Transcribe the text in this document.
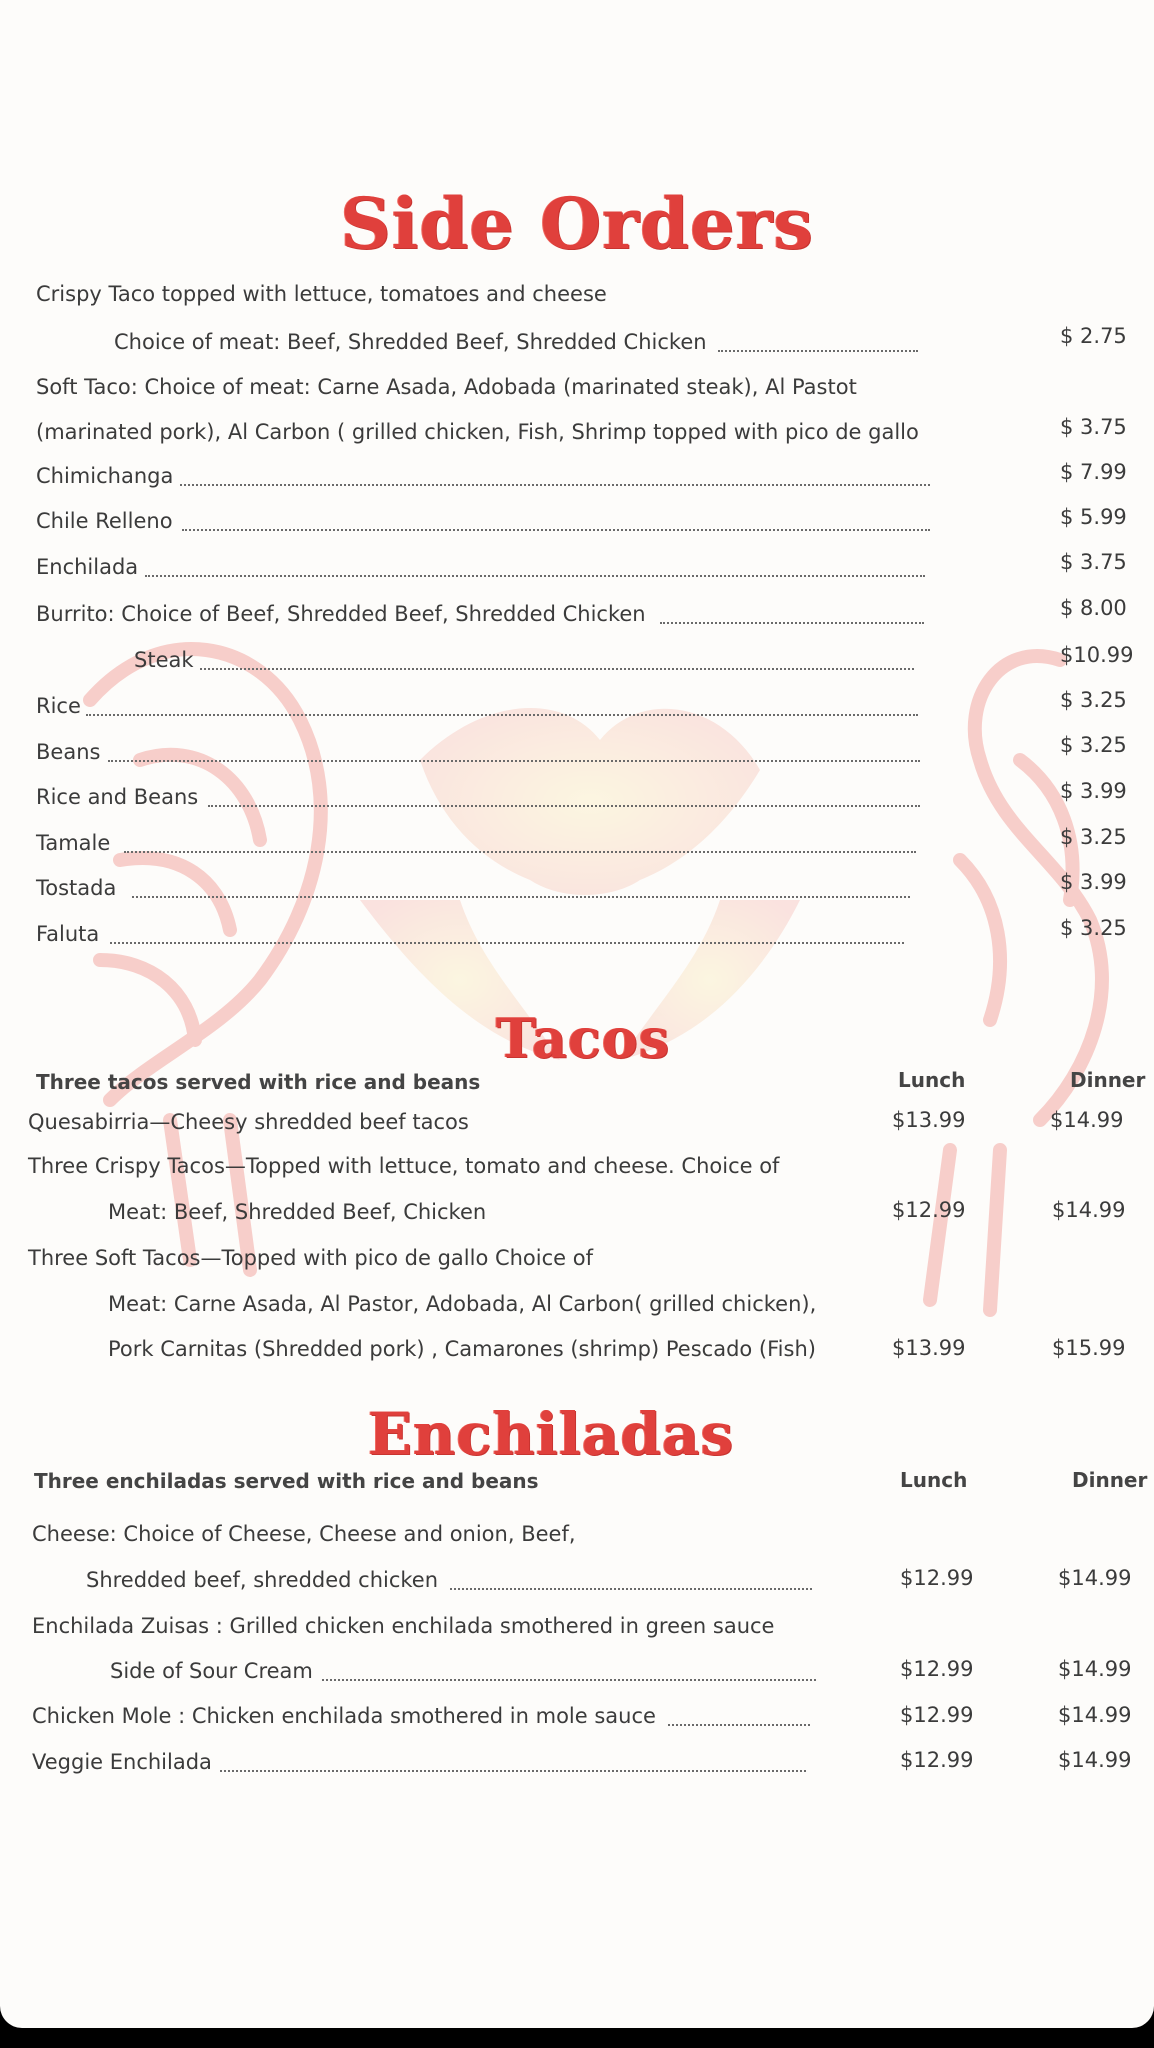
Side Orders
Crispy Taco topped with lettuce, tomatoes and cheese
Choice of meat: Beef, Shredded Beef, Shredded Chicken	$ 2.75
Soft Taco: Choice of meat: Carne Asada, Adobada (marinated steak), Al Pastot
(marinated pork), Al Carbon ( grilled chicken, Fish, Shrimp topped with pico de gallo	$ 3.75
Chimichanga	$ 7.99
Chile Relleno	$ 5.99
Enchilada	$ 3.75
Burrito: Choice of Beef, Shredded Beef, Shredded Chicken	$ 8.00
Steak	$10.99
Rice	$ 3.25
Beans	$ 3.25
Rice and Beans	$ 3.99
Tamale	$ 3.25
Tostada	$ 3.99
Faluta	$ 3.25
Tacos
Three tacos served with rice and beans	Lunch	Dinner
Quesabirria—Cheesy shredded beef tacos	$13.99	$14.99
Three Crispy Tacos—Topped with lettuce, tomato and cheese. Choice of
Meat: Beef, Shredded Beef, Chicken	$12.99	$14.99
Three Soft Tacos—Topped with pico de gallo Choice of
Meat: Carne Asada, Al Pastor, Adobada, Al Carbon( grilled chicken),
Pork Carnitas (Shredded pork) , Camarones (shrimp) Pescado (Fish)	$13.99	$15.99
Enchiladas
Three enchiladas served with rice and beans	Lunch	Dinner
Cheese: Choice of Cheese, Cheese and onion, Beef,
Shredded beef, shredded chicken	$12.99	$14.99
Enchilada Zuisas : Grilled chicken enchilada smothered in green sauce
Side of Sour Cream	$12.99	$14.99
Chicken Mole : Chicken enchilada smothered in mole sauce	$12.99	$14.99
Veggie Enchilada	$12.99	$14.99
